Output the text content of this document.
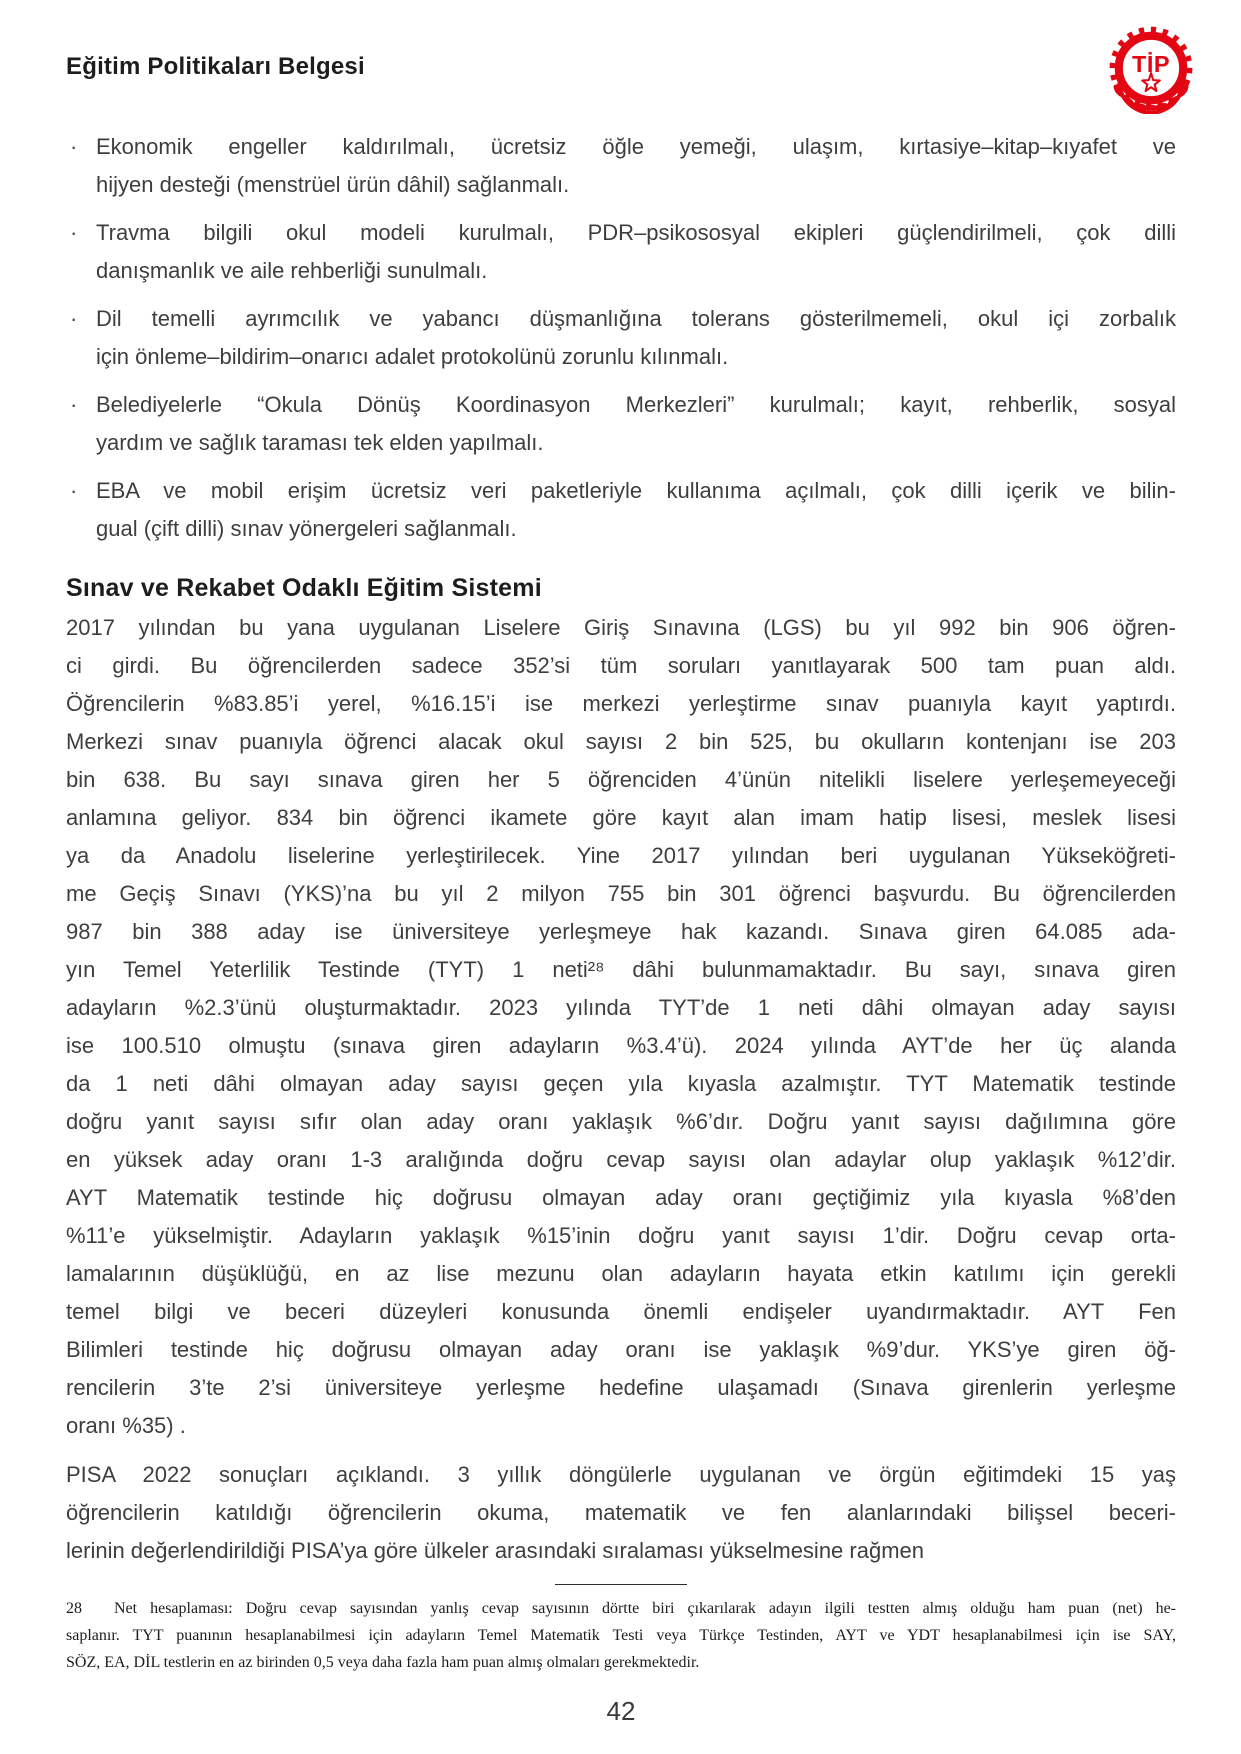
Eğitim Politikaları Belgesi	TİP
· Ekonomik engeller kaldırılmalı, ücretsiz öğle yemeği, ulaşım, kırtasiye–kitap–kıyafet ve
hijyen desteği (menstrüel ürün dâhil) sağlanmalı.
· Travma bilgili okul modeli kurulmalı, PDR–psikososyal ekipleri güçlendirilmeli, çok dilli
danışmanlık ve aile rehberliği sunulmalı.
· Dil temelli ayrımcılık ve yabancı düşmanlığına tolerans gösterilmemeli, okul içi zorbalık
için önleme–bildirim–onarıcı adalet protokolünü zorunlu kılınmalı.
· Belediyelerle “Okula Dönüş Koordinasyon Merkezleri” kurulmalı; kayıt, rehberlik, sosyal
yardım ve sağlık taraması tek elden yapılmalı.
· EBA ve mobil erişim ücretsiz veri paketleriyle kullanıma açılmalı, çok dilli içerik ve bilin-
gual (çift dilli) sınav yönergeleri sağlanmalı.
Sınav ve Rekabet Odaklı Eğitim Sistemi
2017 yılından bu yana uygulanan Liselere Giriş Sınavına (LGS) bu yıl 992 bin 906 öğren-
ci girdi. Bu öğrencilerden sadece 352’si tüm soruları yanıtlayarak 500 tam puan aldı.
Öğrencilerin %83.85’i yerel, %16.15’i ise merkezi yerleştirme sınav puanıyla kayıt yaptırdı.
Merkezi sınav puanıyla öğrenci alacak okul sayısı 2 bin 525, bu okulların kontenjanı ise 203
bin 638. Bu sayı sınava giren her 5 öğrenciden 4’ünün nitelikli liselere yerleşemeyeceği
anlamına geliyor. 834 bin öğrenci ikamete göre kayıt alan imam hatip lisesi, meslek lisesi
ya da Anadolu liselerine yerleştirilecek. Yine 2017 yılından beri uygulanan Yükseköğreti-
me Geçiş Sınavı (YKS)’na bu yıl 2 milyon 755 bin 301 öğrenci başvurdu. Bu öğrencilerden
987 bin 388 aday ise üniversiteye yerleşmeye hak kazandı. Sınava giren 64.085 ada-
yın Temel Yeterlilik Testinde (TYT) 1 neti²⁸ dâhi bulunmamaktadır. Bu sayı, sınava giren
adayların %2.3’ünü oluşturmaktadır. 2023 yılında TYT’de 1 neti dâhi olmayan aday sayısı
ise 100.510 olmuştu (sınava giren adayların %3.4’ü). 2024 yılında AYT’de her üç alanda
da 1 neti dâhi olmayan aday sayısı geçen yıla kıyasla azalmıştır. TYT Matematik testinde
doğru yanıt sayısı sıfır olan aday oranı yaklaşık %6’dır. Doğru yanıt sayısı dağılımına göre
en yüksek aday oranı 1-3 aralığında doğru cevap sayısı olan adaylar olup yaklaşık %12’dir.
AYT Matematik testinde hiç doğrusu olmayan aday oranı geçtiğimiz yıla kıyasla %8’den
%11’e yükselmiştir. Adayların yaklaşık %15’inin doğru yanıt sayısı 1’dir. Doğru cevap orta-
lamalarının düşüklüğü, en az lise mezunu olan adayların hayata etkin katılımı için gerekli
temel bilgi ve beceri düzeyleri konusunda önemli endişeler uyandırmaktadır. AYT Fen
Bilimleri testinde hiç doğrusu olmayan aday oranı ise yaklaşık %9’dur. YKS’ye giren öğ-
rencilerin 3’te 2’si üniversiteye yerleşme hedefine ulaşamadı (Sınava girenlerin yerleşme
oranı %35) .
PISA 2022 sonuçları açıklandı. 3 yıllık döngülerle uygulanan ve örgün eğitimdeki 15 yaş
öğrencilerin katıldığı öğrencilerin okuma, matematik ve fen alanlarındaki bilişsel beceri-
lerinin değerlendirildiği PISA’ya göre ülkeler arasındaki sıralaması yükselmesine rağmen
28	Net hesaplaması: Doğru cevap sayısından yanlış cevap sayısının dörtte biri çıkarılarak adayın ilgili testten almış olduğu ham puan (net) he-
saplanır. TYT puanının hesaplanabilmesi için adayların Temel Matematik Testi veya Türkçe Testinden, AYT ve YDT hesaplanabilmesi için ise SAY,
SÖZ, EA, DİL testlerin en az birinden 0,5 veya daha fazla ham puan almış olmaları gerekmektedir.
42
